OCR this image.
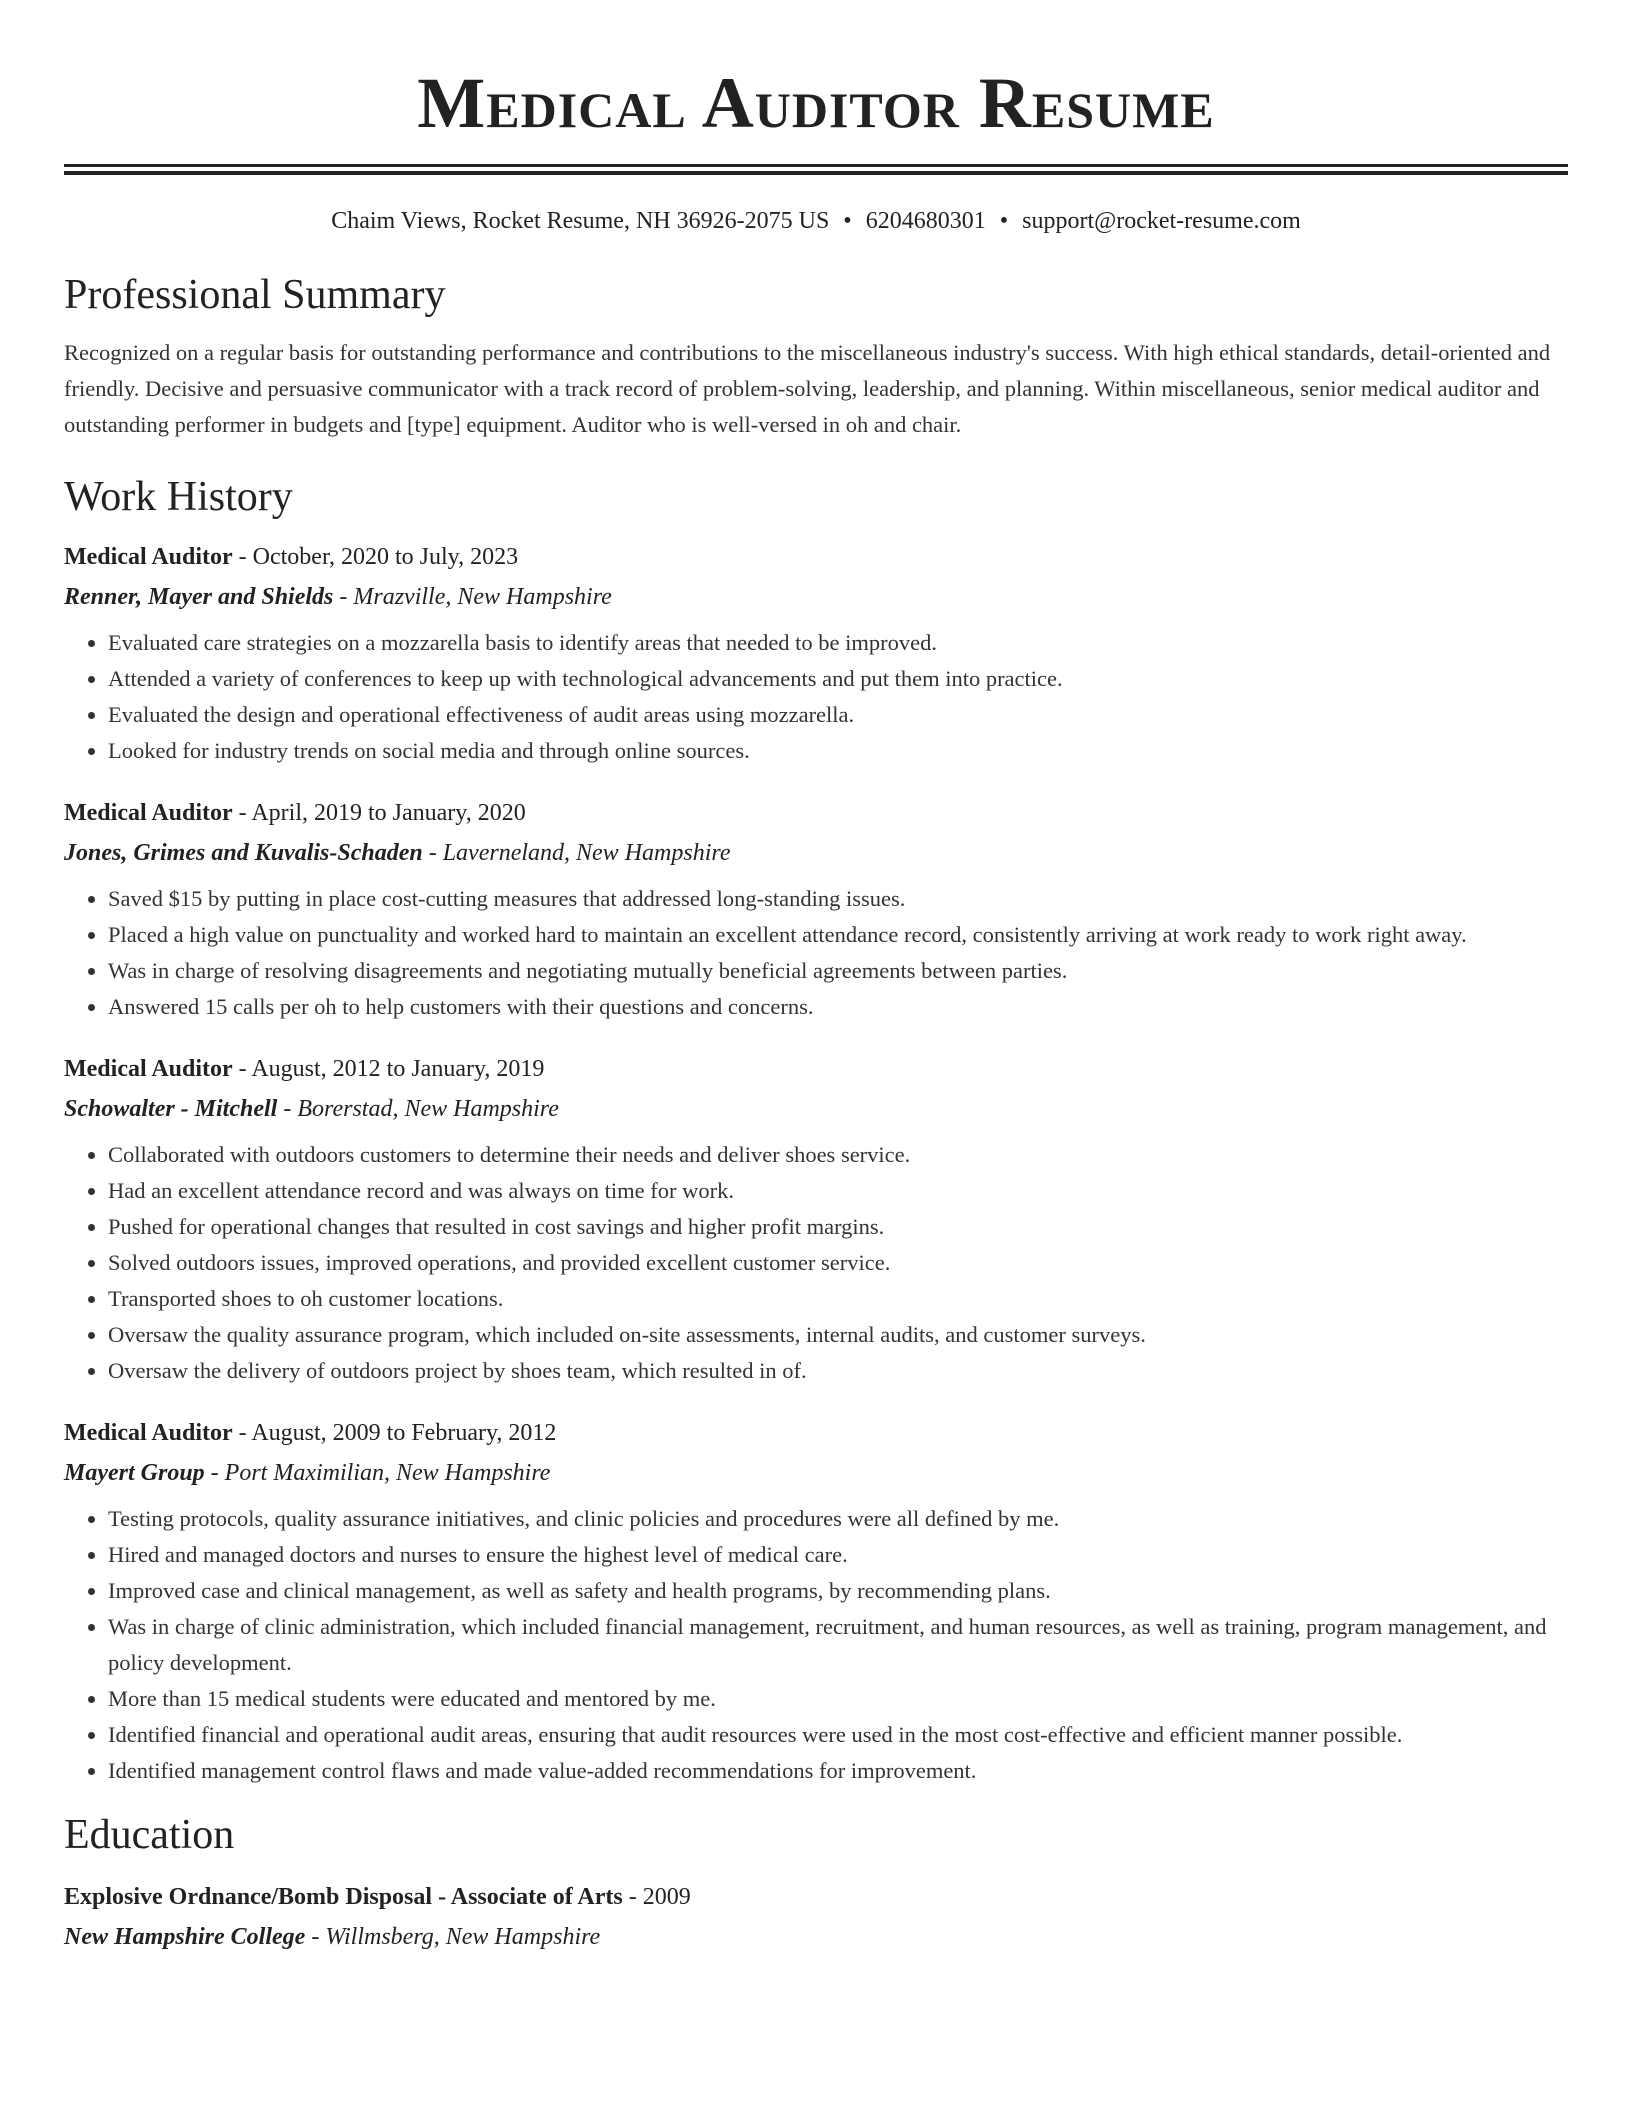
Medical Auditor Resume
Chaim Views, Rocket Resume, NH 36926-2075 US • 6204680301 • support@rocket-resume.com
Professional Summary

Recognized on a regular basis for outstanding performance and contributions to the miscellaneous industry's success. With high ethical standards, detail-oriented and friendly. Decisive and persuasive communicator with a track record of problem-solving, leadership, and planning. Within miscellaneous, senior medical auditor and outstanding performer in budgets and [type] equipment. Auditor who is well-versed in oh and chair.

Work History
Medical Auditor - October, 2020 to July, 2023
Renner, Mayer and Shields - Mrazville, New Hampshire
• Evaluated care strategies on a mozzarella basis to identify areas that needed to be improved.
• Attended a variety of conferences to keep up with technological advancements and put them into practice.
• Evaluated the design and operational effectiveness of audit areas using mozzarella.
• Looked for industry trends on social media and through online sources.
Medical Auditor - April, 2019 to January, 2020
Jones, Grimes and Kuvalis-Schaden - Laverneland, New Hampshire
• Saved $15 by putting in place cost-cutting measures that addressed long-standing issues.
• Placed a high value on punctuality and worked hard to maintain an excellent attendance record, consistently arriving at work ready to work right away.
• Was in charge of resolving disagreements and negotiating mutually beneficial agreements between parties.
• Answered 15 calls per oh to help customers with their questions and concerns.
Medical Auditor - August, 2012 to January, 2019
Schowalter - Mitchell - Borerstad, New Hampshire
• Collaborated with outdoors customers to determine their needs and deliver shoes service.
• Had an excellent attendance record and was always on time for work.
• Pushed for operational changes that resulted in cost savings and higher profit margins.
• Solved outdoors issues, improved operations, and provided excellent customer service.
• Transported shoes to oh customer locations.
• Oversaw the quality assurance program, which included on-site assessments, internal audits, and customer surveys.
• Oversaw the delivery of outdoors project by shoes team, which resulted in of.
Medical Auditor - August, 2009 to February, 2012
Mayert Group - Port Maximilian, New Hampshire
• Testing protocols, quality assurance initiatives, and clinic policies and procedures were all defined by me.
• Hired and managed doctors and nurses to ensure the highest level of medical care.
• Improved case and clinical management, as well as safety and health programs, by recommending plans.
• Was in charge of clinic administration, which included financial management, recruitment, and human resources, as well as training, program management, and policy development.
• More than 15 medical students were educated and mentored by me.
• Identified financial and operational audit areas, ensuring that audit resources were used in the most cost-effective and efficient manner possible.
• Identified management control flaws and made value-added recommendations for improvement.
Education
Explosive Ordnance/Bomb Disposal - Associate of Arts - 2009
New Hampshire College - Willmsberg, New Hampshire
